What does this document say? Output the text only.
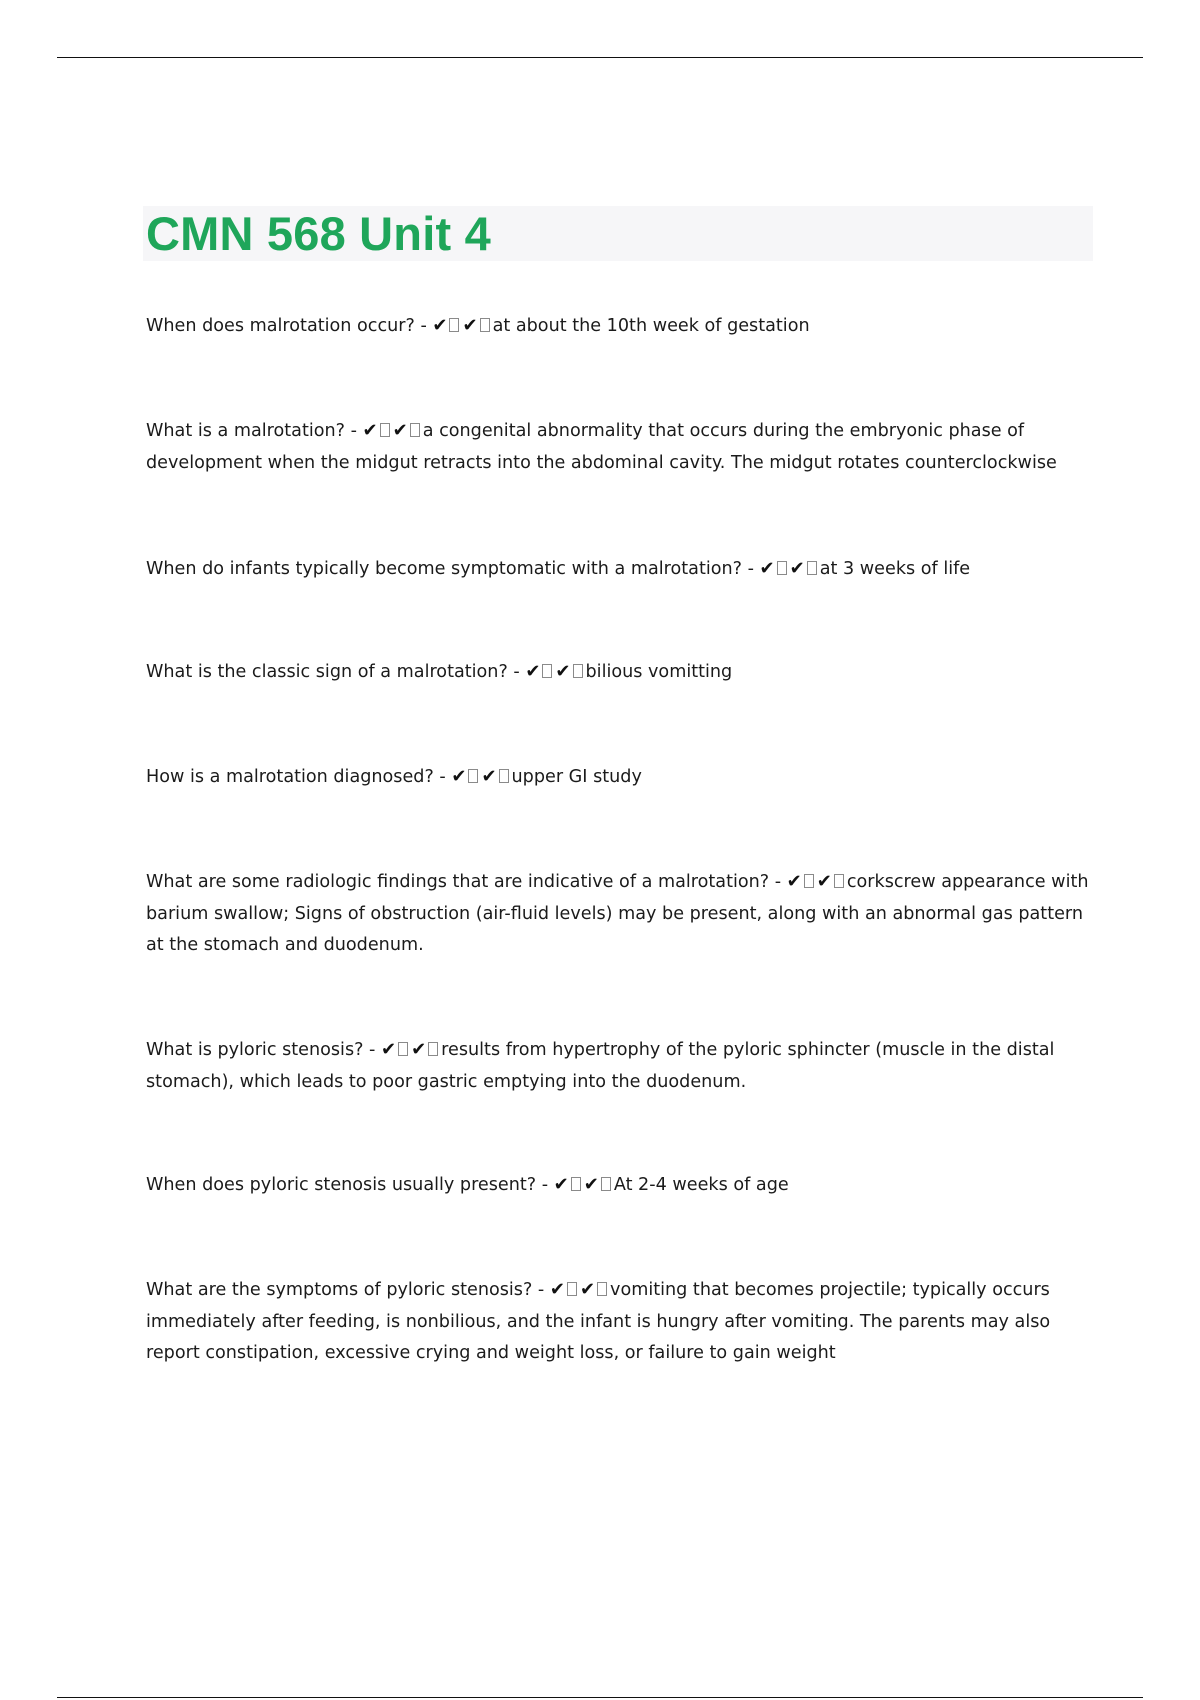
CMN 568 Unit 4

When does malrotation occur? - ✔ ✔ at about the 10th week of gestation

What is a malrotation? - ✔ ✔ a congenital abnormality that occurs during the embryonic phase of development when the midgut retracts into the abdominal cavity. The midgut rotates counterclockwise

When do infants typically become symptomatic with a malrotation? - ✔ ✔ at 3 weeks of life

What is the classic sign of a malrotation? - ✔ ✔ bilious vomitting

How is a malrotation diagnosed? - ✔ ✔ upper GI study

What are some radiologic findings that are indicative of a malrotation? - ✔ ✔ corkscrew appearance with barium swallow; Signs of obstruction (air-fluid levels) may be present, along with an abnormal gas pattern at the stomach and duodenum.

What is pyloric stenosis? - ✔ ✔ results from hypertrophy of the pyloric sphincter (muscle in the distal stomach), which leads to poor gastric emptying into the duodenum.

When does pyloric stenosis usually present? - ✔ ✔ At 2-4 weeks of age

What are the symptoms of pyloric stenosis? - ✔ ✔ vomiting that becomes projectile; typically occurs immediately after feeding, is nonbilious, and the infant is hungry after vomiting. The parents may also report constipation, excessive crying and weight loss, or failure to gain weight
